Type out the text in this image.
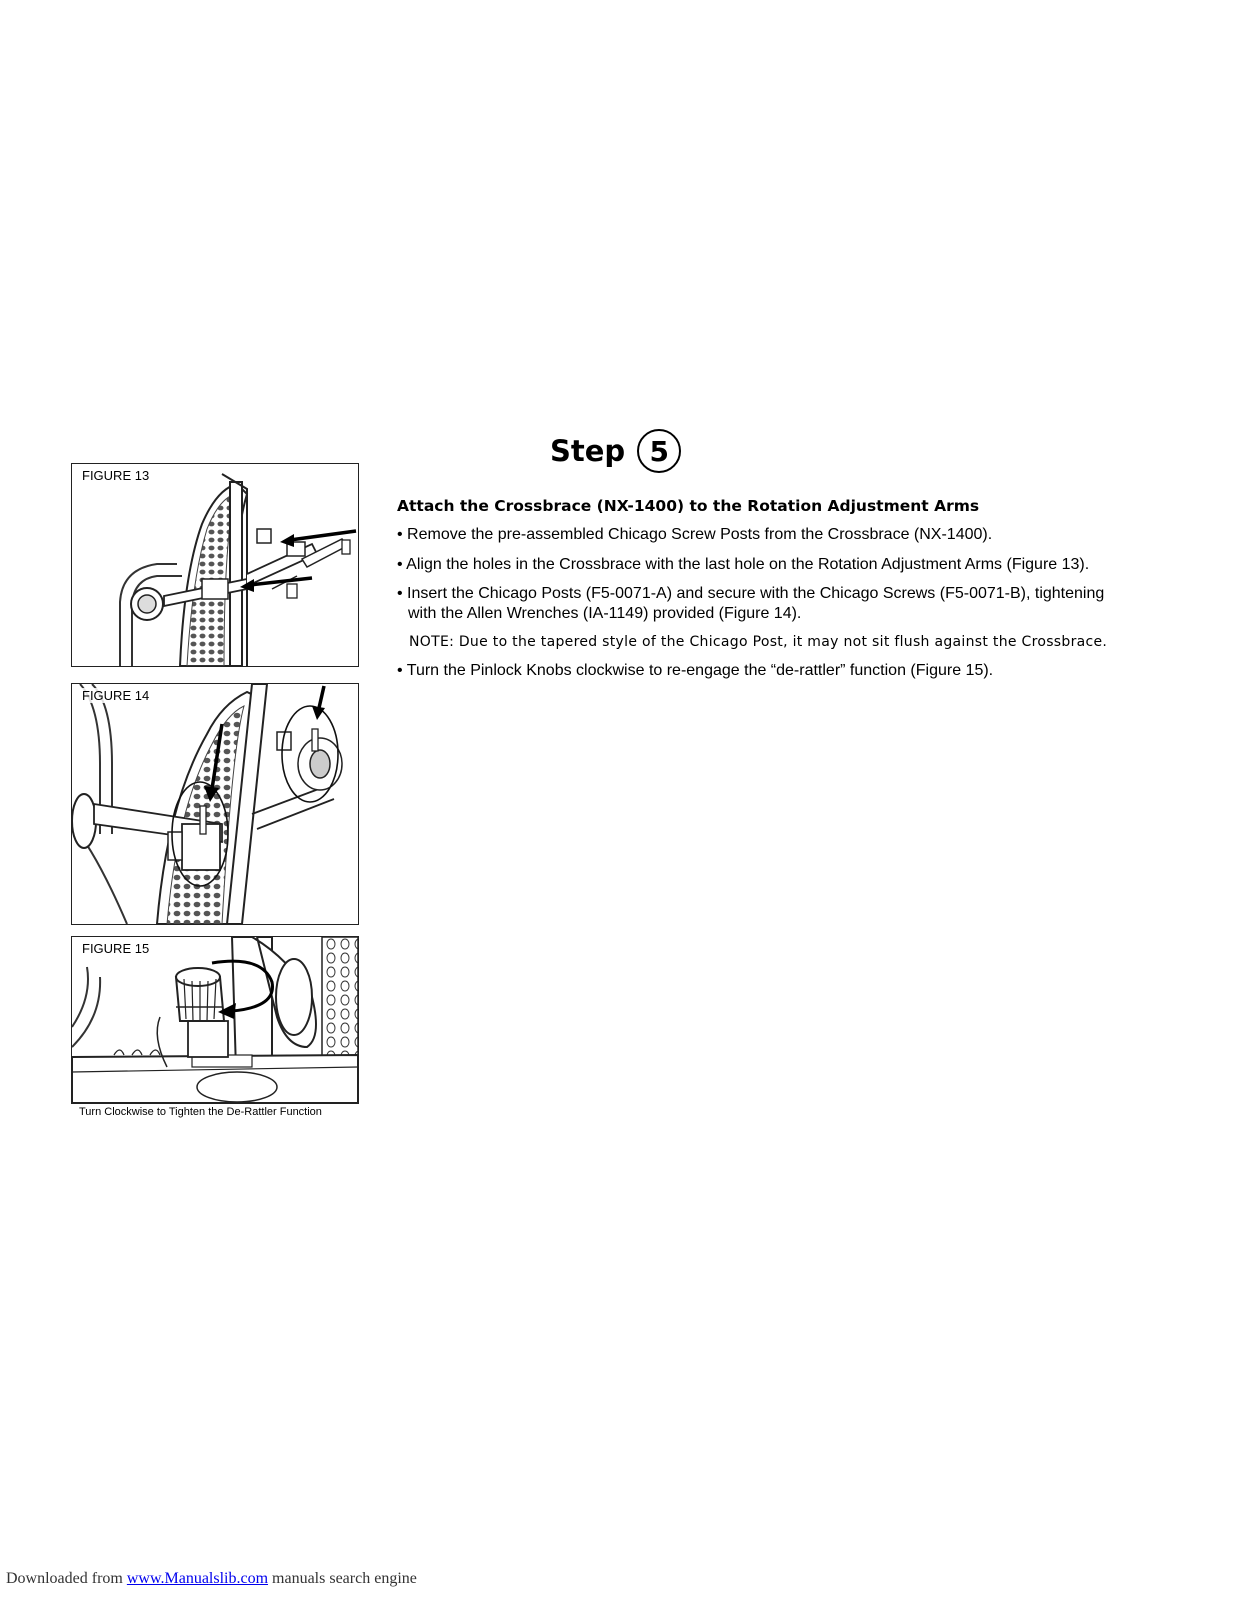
FIGURE 13
FIGURE 14
FIGURE 15
Turn Clockwise to Tighten the De-Rattler Function
Step 5

Attach the Crossbrace (NX-1400) to the Rotation Adjustment Arms

• Remove the pre-assembled Chicago Screw Posts from the Crossbrace (NX-1400).

• Align the holes in the Crossbrace with the last hole on the Rotation Adjustment Arms (Figure 13).

• Insert the Chicago Posts (F5-0071-A) and secure with the Chicago Screws (F5-0071-B), tightening with the Allen Wrenches (IA-1149) provided (Figure 14).

NOTE: Due to the tapered style of the Chicago Post, it may not sit flush against the Crossbrace.

• Turn the Pinlock Knobs clockwise to re-engage the “de-rattler” function (Figure 15).

Downloaded from www.Manualslib.com manuals search engine
